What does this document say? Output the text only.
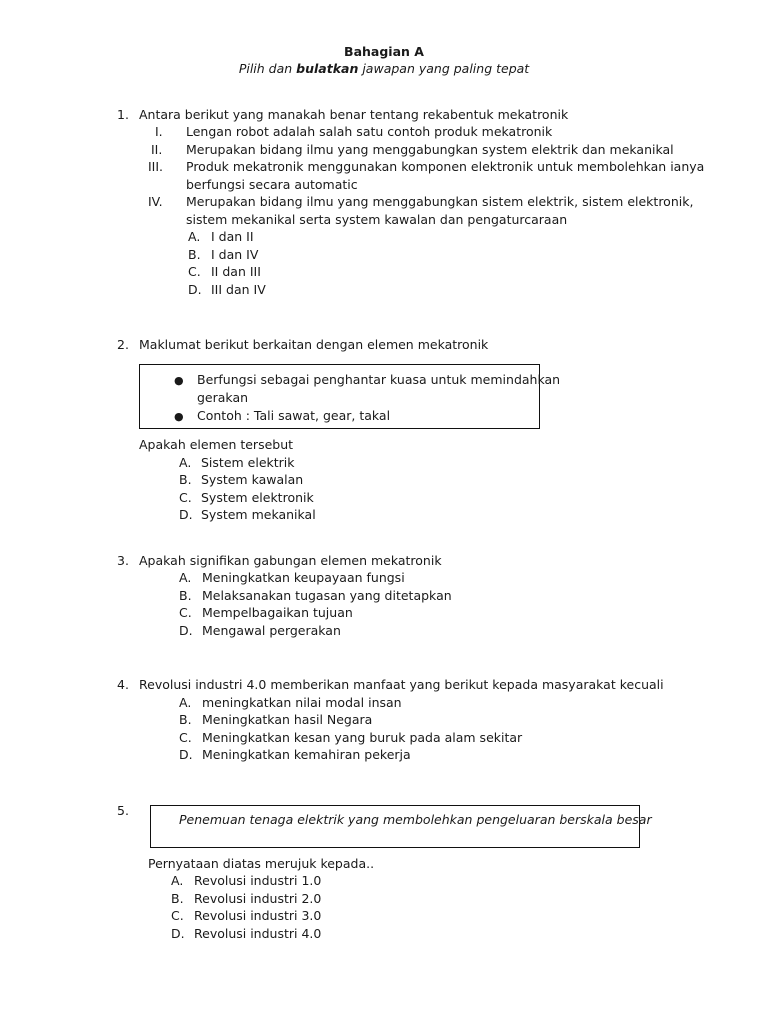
Bahagian A
Pilih dan bulatkan jawapan yang paling tepat
1. Antara berikut yang manakah benar tentang rekabentuk mekatronik
I. Lengan robot adalah salah satu contoh produk mekatronik
II. Merupakan bidang ilmu yang menggabungkan system elektrik dan mekanikal
III. Produk mekatronik menggunakan komponen elektronik untuk membolehkan ianya
berfungsi secara automatic
IV. Merupakan bidang ilmu yang menggabungkan sistem elektrik, sistem elektronik,
sistem mekanikal serta system kawalan dan pengaturcaraan
A. I dan II
B. I dan IV
C. II dan III
D. III dan IV
2. Maklumat berikut berkaitan dengan elemen mekatronik
● Berfungsi sebagai penghantar kuasa untuk memindahkan
gerakan
● Contoh : Tali sawat, gear, takal
Apakah elemen tersebut
A. Sistem elektrik
B. System kawalan
C. System elektronik
D. System mekanikal
3. Apakah signifikan gabungan elemen mekatronik
A. Meningkatkan keupayaan fungsi
B. Melaksanakan tugasan yang ditetapkan
C. Mempelbagaikan tujuan
D. Mengawal pergerakan
4. Revolusi industri 4.0 memberikan manfaat yang berikut kepada masyarakat kecuali
A. meningkatkan nilai modal insan
B. Meningkatkan hasil Negara
C. Meningkatkan kesan yang buruk pada alam sekitar
D. Meningkatkan kemahiran pekerja
5.
Penemuan tenaga elektrik yang membolehkan pengeluaran berskala besar
Pernyataan diatas merujuk kepada..
A. Revolusi industri 1.0
B. Revolusi industri 2.0
C. Revolusi industri 3.0
D. Revolusi industri 4.0
